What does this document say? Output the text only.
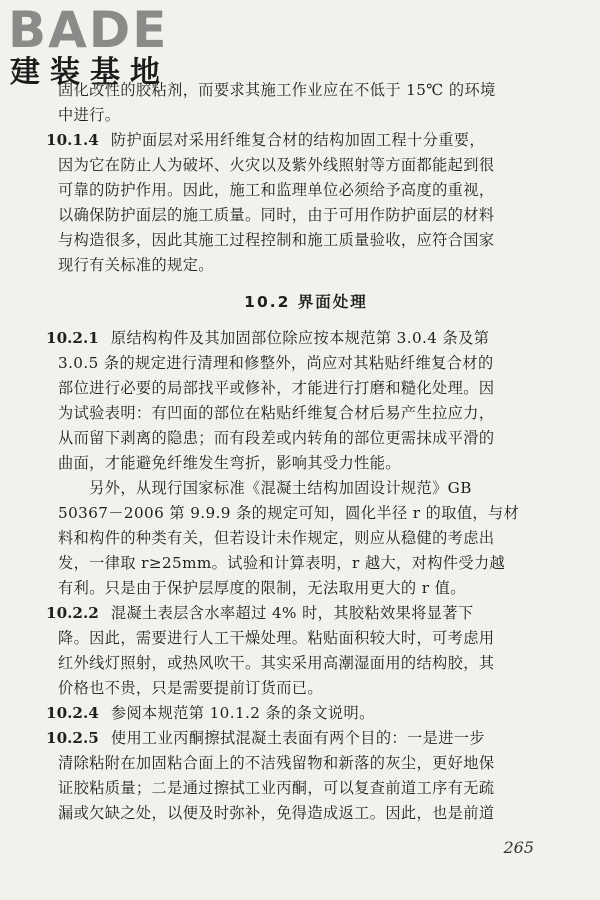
BADE
建装基地
固化改性的胶粘剂，而要求其施工作业应在不低于 15℃ 的环境
中进行。
10.1.4 防护面层对采用纤维复合材的结构加固工程十分重要，
因为它在防止人为破坏、火灾以及紫外线照射等方面都能起到很
可靠的防护作用。因此，施工和监理单位必须给予高度的重视，
以确保防护面层的施工质量。同时，由于可用作防护面层的材料
与构造很多，因此其施工过程控制和施工质量验收，应符合国家
现行有关标准的规定。
10.2 界面处理
10.2.1 原结构构件及其加固部位除应按本规范第 3.0.4 条及第
3.0.5 条的规定进行清理和修整外，尚应对其粘贴纤维复合材的
部位进行必要的局部找平或修补，才能进行打磨和糙化处理。因
为试验表明：有凹面的部位在粘贴纤维复合材后易产生拉应力，
从而留下剥离的隐患；而有段差或内转角的部位更需抹成平滑的
曲面，才能避免纤维发生弯折，影响其受力性能。
　　另外，从现行国家标准《混凝土结构加固设计规范》GB
50367－2006 第 9.9.9 条的规定可知，圆化半径 r 的取值，与材
料和构件的种类有关，但若设计未作规定，则应从稳健的考虑出
发，一律取 r≥25mm。试验和计算表明，r 越大，对构件受力越
有利。只是由于保护层厚度的限制，无法取用更大的 r 值。
10.2.2 混凝土表层含水率超过 4% 时，其胶粘效果将显著下
降。因此，需要进行人工干燥处理。粘贴面积较大时，可考虑用
红外线灯照射，或热风吹干。其实采用高潮湿面用的结构胶，其
价格也不贵，只是需要提前订货而已。
10.2.4 参阅本规范第 10.1.2 条的条文说明。
10.2.5 使用工业丙酮擦拭混凝土表面有两个目的：一是进一步
清除粘附在加固粘合面上的不洁残留物和新落的灰尘，更好地保
证胶粘质量；二是通过擦拭工业丙酮，可以复查前道工序有无疏
漏或欠缺之处，以便及时弥补，免得造成返工。因此，也是前道
265
